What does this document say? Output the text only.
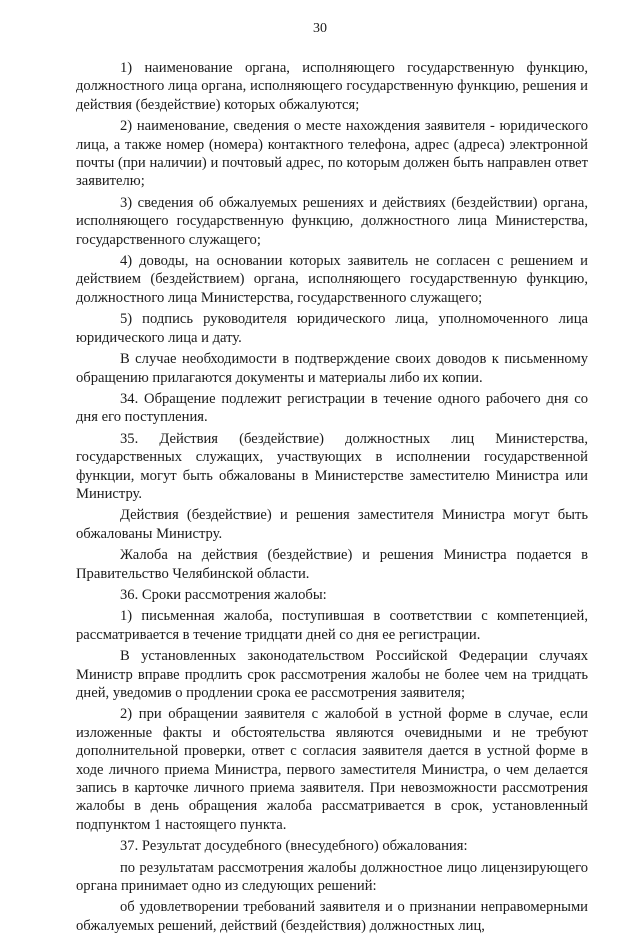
30

1) наименование органа, исполняющего государственную функцию, должностного лица органа, исполняющего государственную функцию, решения и действия (бездействие) которых обжалуются;

2) наименование, сведения о месте нахождения заявителя - юридического лица, а также номер (номера) контактного телефона, адрес (адреса) электронной почты (при наличии) и почтовый адрес, по которым должен быть направлен ответ заявителю;

3) сведения об обжалуемых решениях и действиях (бездействии) органа, исполняющего государственную функцию, должностного лица Министерства, государственного служащего;

4) доводы, на основании которых заявитель не согласен с решением и действием (бездействием) органа, исполняющего государственную функцию, должностного лица Министерства, государственного служащего;

5) подпись руководителя юридического лица, уполномоченного лица юридического лица и дату.

В случае необходимости в подтверждение своих доводов к письменному обращению прилагаются документы и материалы либо их копии.

34. Обращение подлежит регистрации в течение одного рабочего дня со дня его поступления.

35. Действия (бездействие) должностных лиц Министерства, государственных служащих, участвующих в исполнении государственной функции, могут быть обжалованы в Министерстве заместителю Министра или Министру.

Действия (бездействие) и решения заместителя Министра могут быть обжалованы Министру.

Жалоба на действия (бездействие) и решения Министра подается в Правительство Челябинской области.

36. Сроки рассмотрения жалобы:

1) письменная жалоба, поступившая в соответствии с компетенцией, рассматривается в течение тридцати дней со дня ее регистрации.

В установленных законодательством Российской Федерации случаях Министр вправе продлить срок рассмотрения жалобы не более чем на тридцать дней, уведомив о продлении срока ее рассмотрения заявителя;

2) при обращении заявителя с жалобой в устной форме в случае, если изложенные факты и обстоятельства являются очевидными и не требуют дополнительной проверки, ответ с согласия заявителя дается в устной форме в ходе личного приема Министра, первого заместителя Министра, о чем делается запись в карточке личного приема заявителя. При невозможности рассмотрения жалобы в день обращения жалоба рассматривается в срок, установленный подпунктом 1 настоящего пункта.

37. Результат досудебного (внесудебного) обжалования:

по результатам рассмотрения жалобы должностное лицо лицензирующего органа принимает одно из следующих решений:

об удовлетворении требований заявителя и о признании неправомерными обжалуемых решений, действий (бездействия) должностных лиц,
